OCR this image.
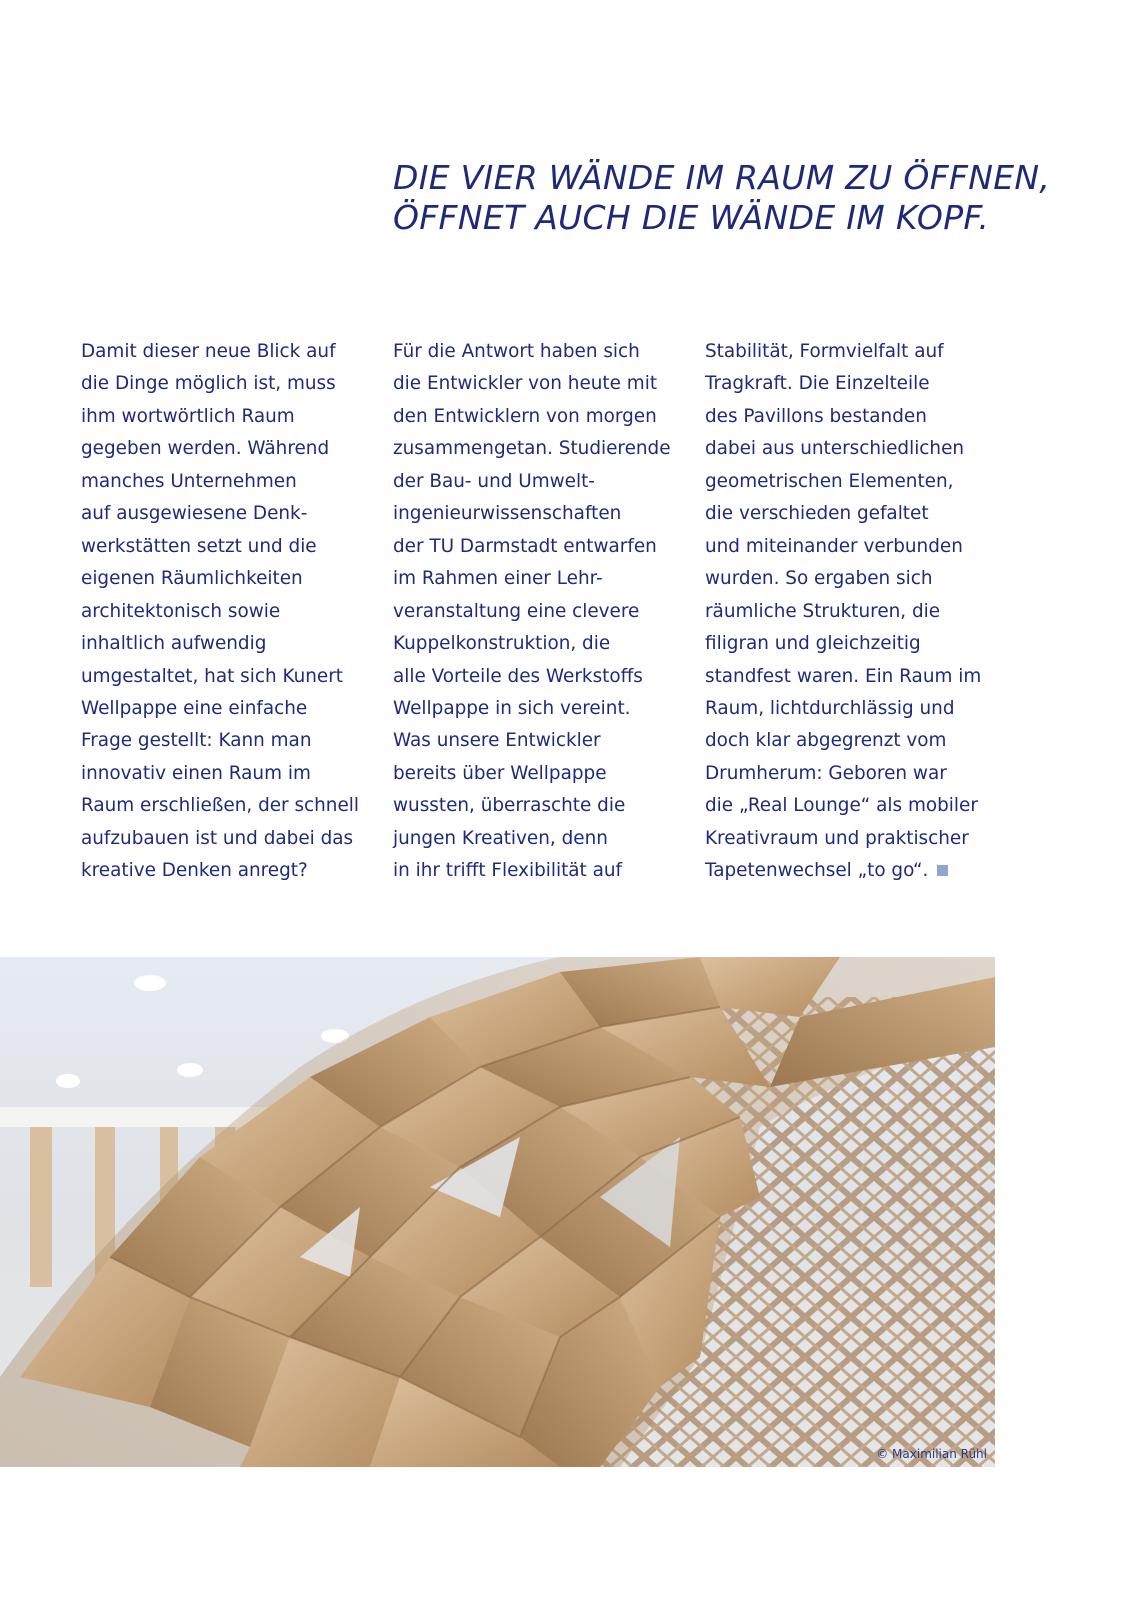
DIE VIER WÄNDE IM RAUM ZU ÖFFNEN,
ÖFFNET AUCH DIE WÄNDE IM KOPF.
Damit dieser neue Blick auf
die Dinge möglich ist, muss
ihm wortwörtlich Raum
gegeben werden. Während
manches Unternehmen
auf ausgewiesene Denk-
werkstätten setzt und die
eigenen Räumlichkeiten
architektonisch sowie
inhaltlich aufwendig
umgestaltet, hat sich Kunert
Wellpappe eine einfache
Frage gestellt: Kann man
innovativ einen Raum im
Raum erschließen, der schnell
aufzubauen ist und dabei das
kreative Denken anregt?
Für die Antwort haben sich
die Entwickler von heute mit
den Entwicklern von morgen
zusammengetan. Studierende
der Bau- und Umwelt-
ingenieurwissenschaften
der TU Darmstadt entwarfen
im Rahmen einer Lehr-
veranstaltung eine clevere
Kuppelkonstruktion, die
alle Vorteile des Werkstoffs
Wellpappe in sich vereint.
Was unsere Entwickler
bereits über Wellpappe
wussten, überraschte die
jungen Kreativen, denn
in ihr trifft Flexibilität auf
Stabilität, Formvielfalt auf
Tragkraft. Die Einzelteile
des Pavillons bestanden
dabei aus unterschiedlichen
geometrischen Elementen,
die verschieden gefaltet
und miteinander verbunden
wurden. So ergaben sich
räumliche Strukturen, die
filigran und gleichzeitig
standfest waren. Ein Raum im
Raum, lichtdurchlässig und
doch klar abgegrenzt vom
Drumherum: Geboren war
die „Real Lounge“ als mobiler
Kreativraum und praktischer
Tapetenwechsel „to go“.
© Maximilian Rühl
